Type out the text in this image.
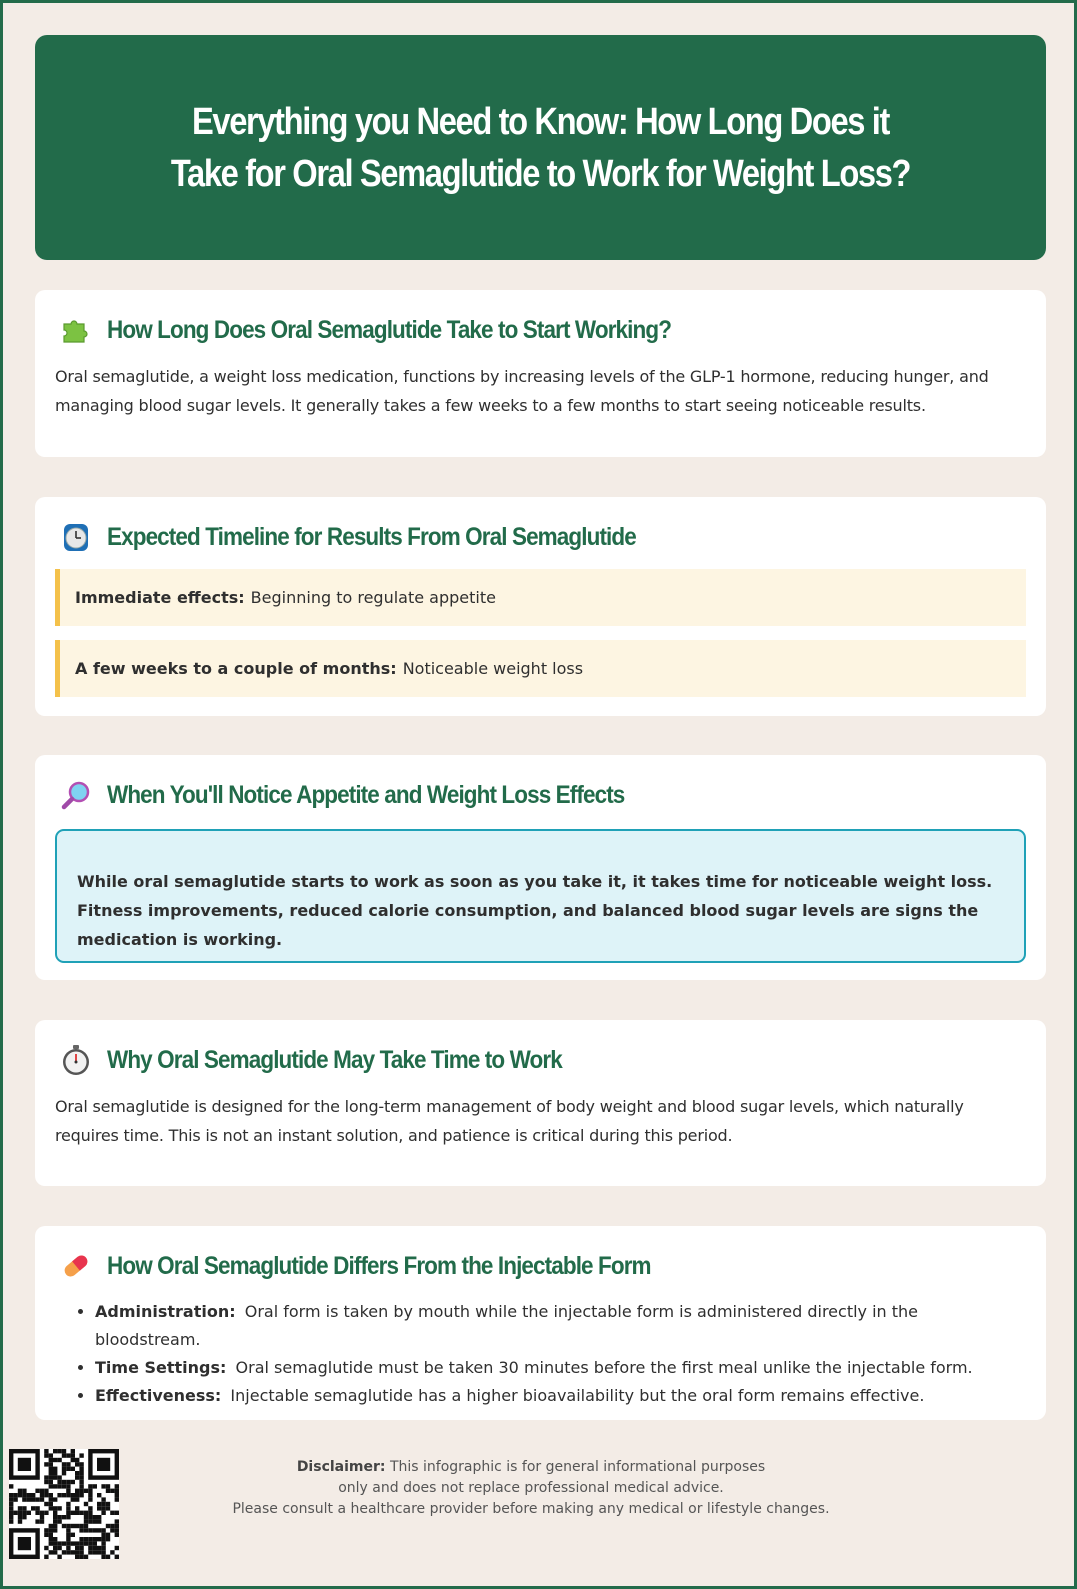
Everything you Need to Know: How Long Does it Take for Oral Semaglutide to Work for Weight Loss?
How Long Does Oral Semaglutide Take to Start Working?

Oral semaglutide, a weight loss medication, functions by increasing levels of the GLP-1 hormone, reducing hunger, and managing blood sugar levels. It generally takes a few weeks to a few months to start seeing noticeable results.

Expected Timeline for Results From Oral Semaglutide
Immediate effects: Beginning to regulate appetite
A few weeks to a couple of months: Noticeable weight loss
When You'll Notice Appetite and Weight Loss Effects
While oral semaglutide starts to work as soon as you take it, it takes time for noticeable weight loss. Fitness improvements, reduced calorie consumption, and balanced blood sugar levels are signs the medication is working.
Why Oral Semaglutide May Take Time to Work

Oral semaglutide is designed for the long-term management of body weight and blood sugar levels, which naturally requires time. This is not an instant solution, and patience is critical during this period.

How Oral Semaglutide Differs From the Injectable Form
• Administration: Oral form is taken by mouth while the injectable form is administered directly in the bloodstream.
• Time Settings: Oral semaglutide must be taken 30 minutes before the first meal unlike the injectable form.
• Effectiveness: Injectable semaglutide has a higher bioavailability but the oral form remains effective.
Disclaimer: This infographic is for general informational purposes
only and does not replace professional medical advice.
Please consult a healthcare provider before making any medical or lifestyle changes.
